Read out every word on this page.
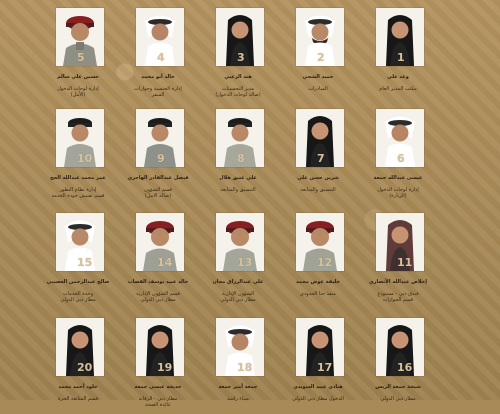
5

حسين علي سالم

إدارة لوحات الدخول
(الأمل)

4

خالد أبو محمد

إدارة الجنسية وجوازات
السفر

3

هند الزعبي

مدير التحسينات
(صالة لوحات الدخول)

2

حميد الشحي

المبادرات

1

وعد علي

مكتب المدير العام

10

عمر محمد عبدالله الحج

إدارة نظام التطور
قسم تفتيش جودة الخدمة

9

فيصل عبدالقادر الهاجري

قسم الشؤون
(صالة الامل)

8

علي عتيق هلال

التنسيق والمتابعة

7

شرين حسن علي

التنسيق والمتابعة

6

عيسى عبدالله جمعة

إدارة لوحات الدخول
(الزيارة)

15

صالح عبدالرحمن العصيبي

وحدة الخدمات
مطار دبي الدولي

14

خالد عبيد يوسف القصاب

قسم الشؤون الإدارية
مطار دبي الدولي

13

علي عبدالرزاق مجان

الشؤون الإدارية
مطار دبي الدولي

12

خليفة عوض محمد

منفذ حتا الحدودي

11

إخلاص عبدالله الأنصاري

فندق دبي - مستودع
قسم الجوازات

20

خلود أحمد محمد

قسم المتابعة الحرة

19

خديجة عيسى جمعة

مطار دبي - الرقابة
عائدة الصحة

18

جمعة أمير جمعة

ميناء راشد

17

هنادي عبيد السويدي

الدخول مطار دبي الدولي

16

شيخة جمعة الريس

مطار دبي الدولي
